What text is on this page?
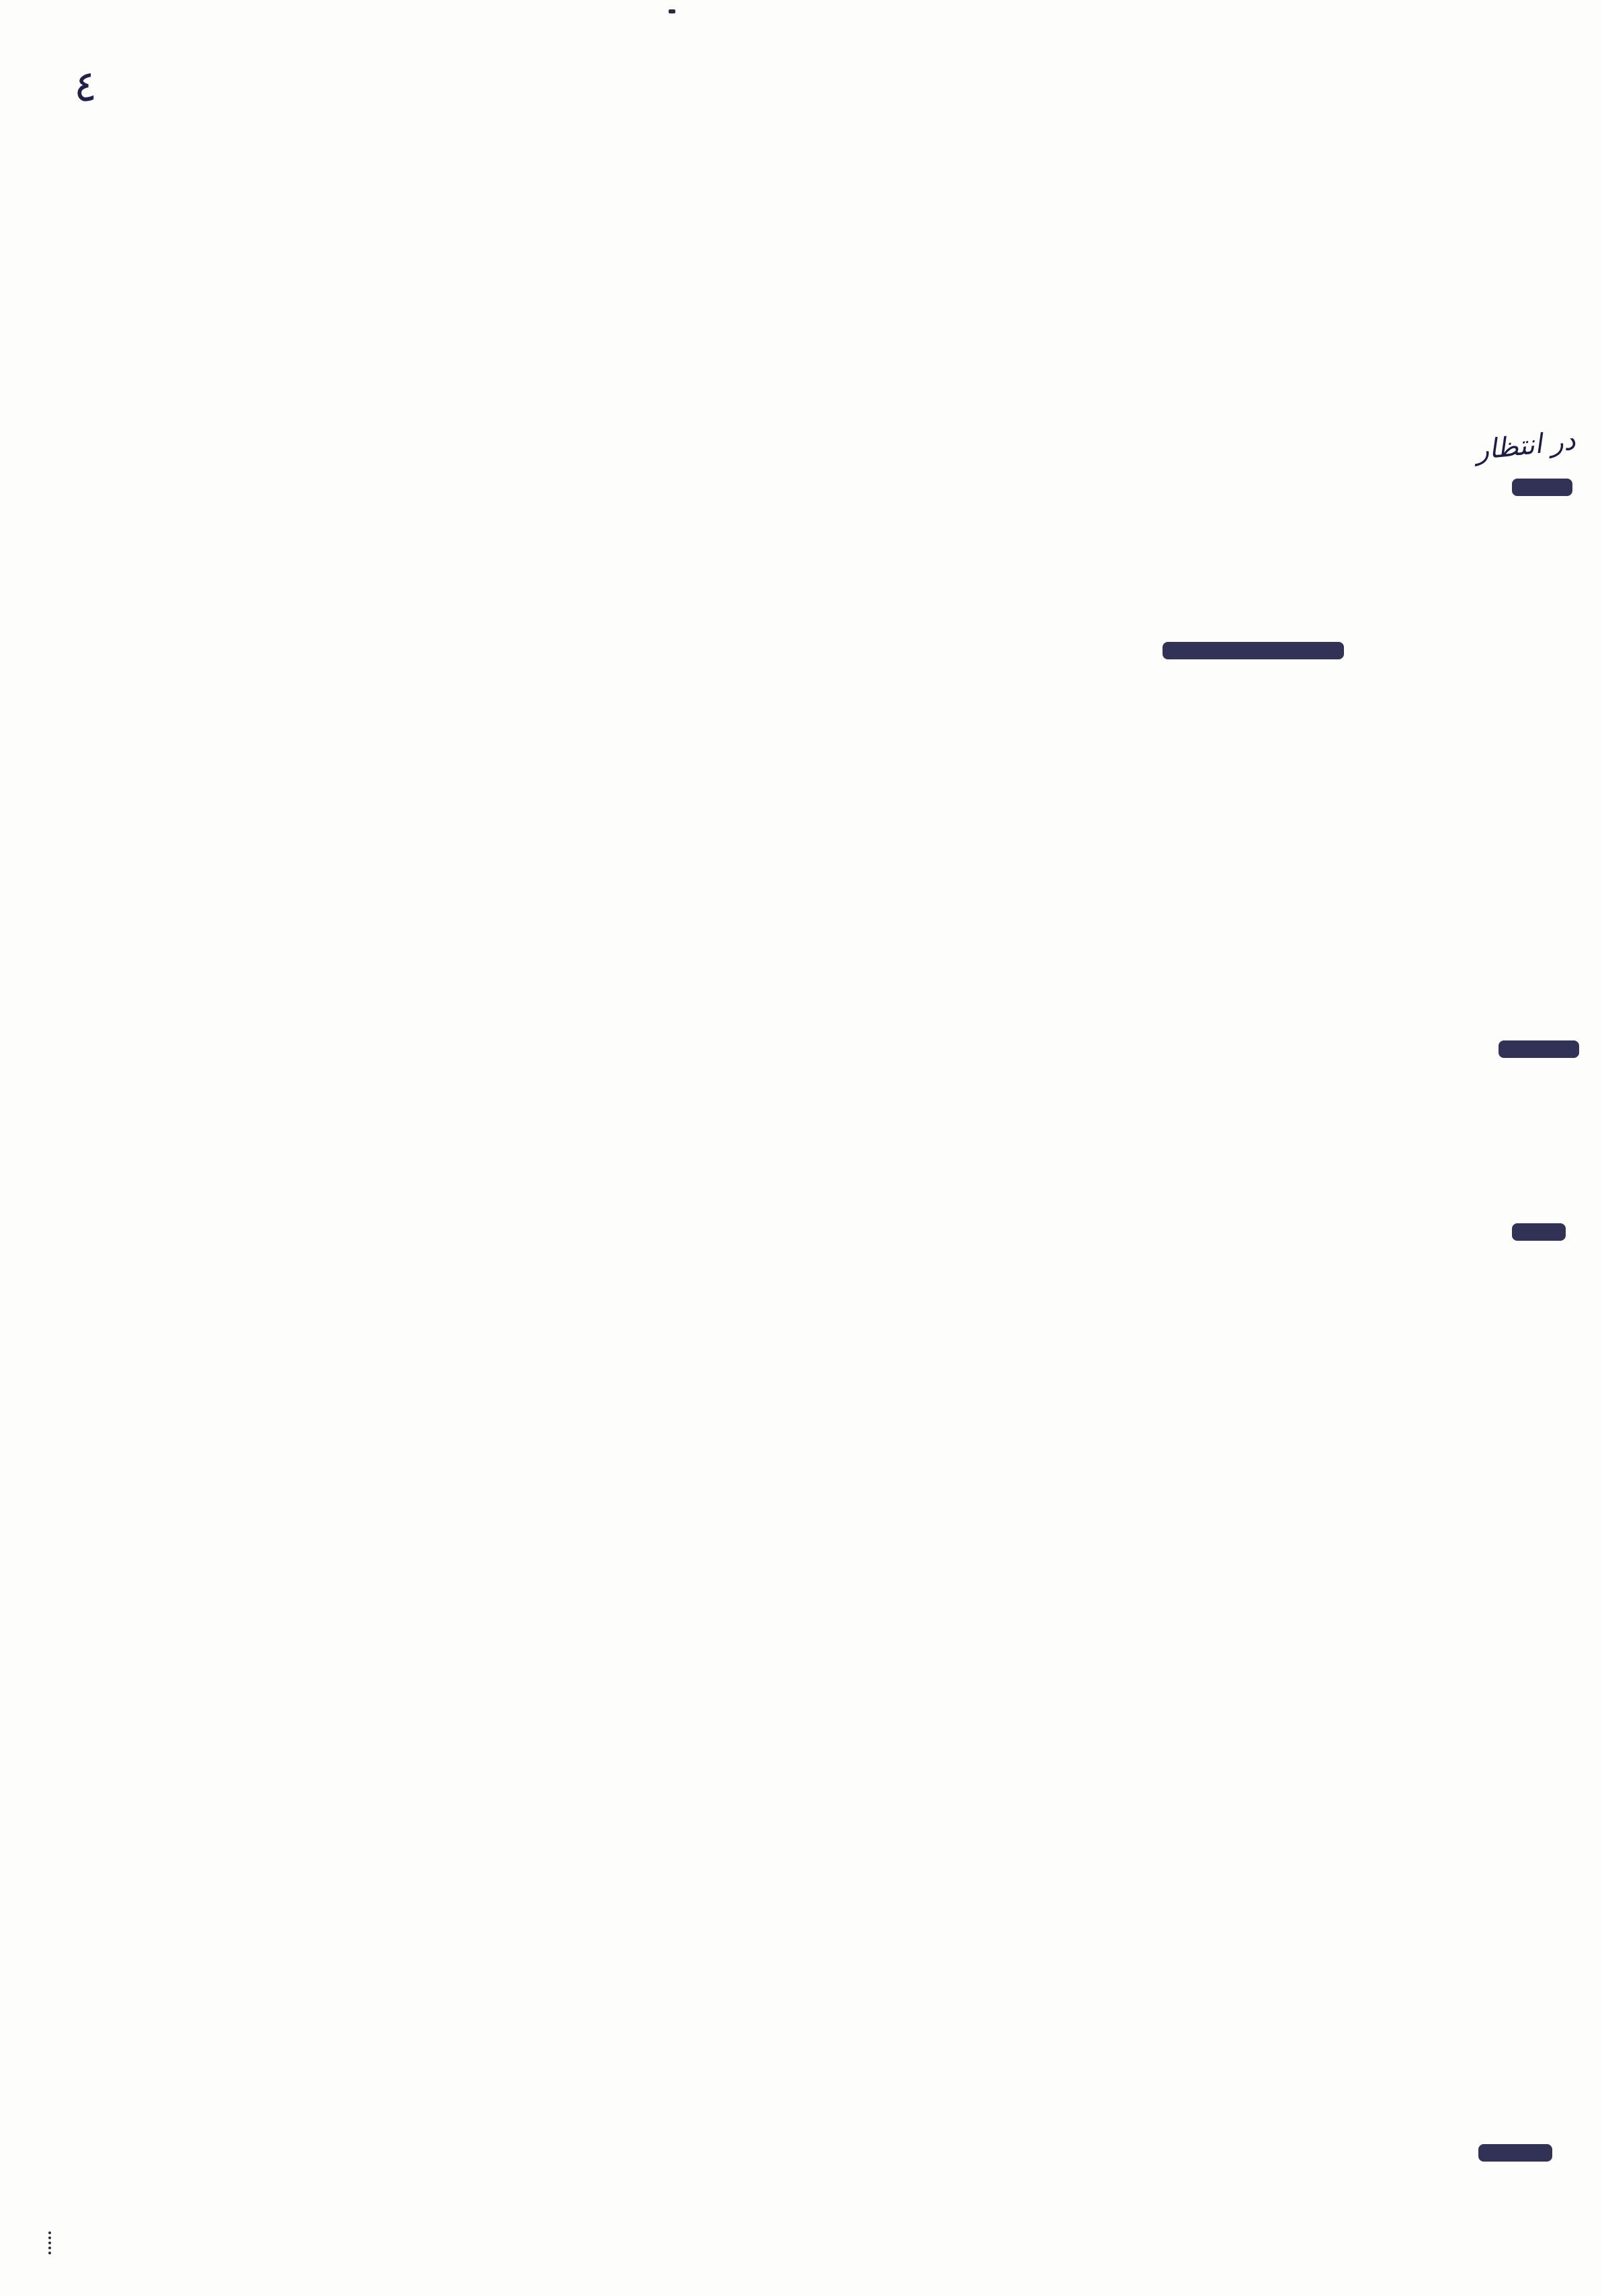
٤
در انتظار
